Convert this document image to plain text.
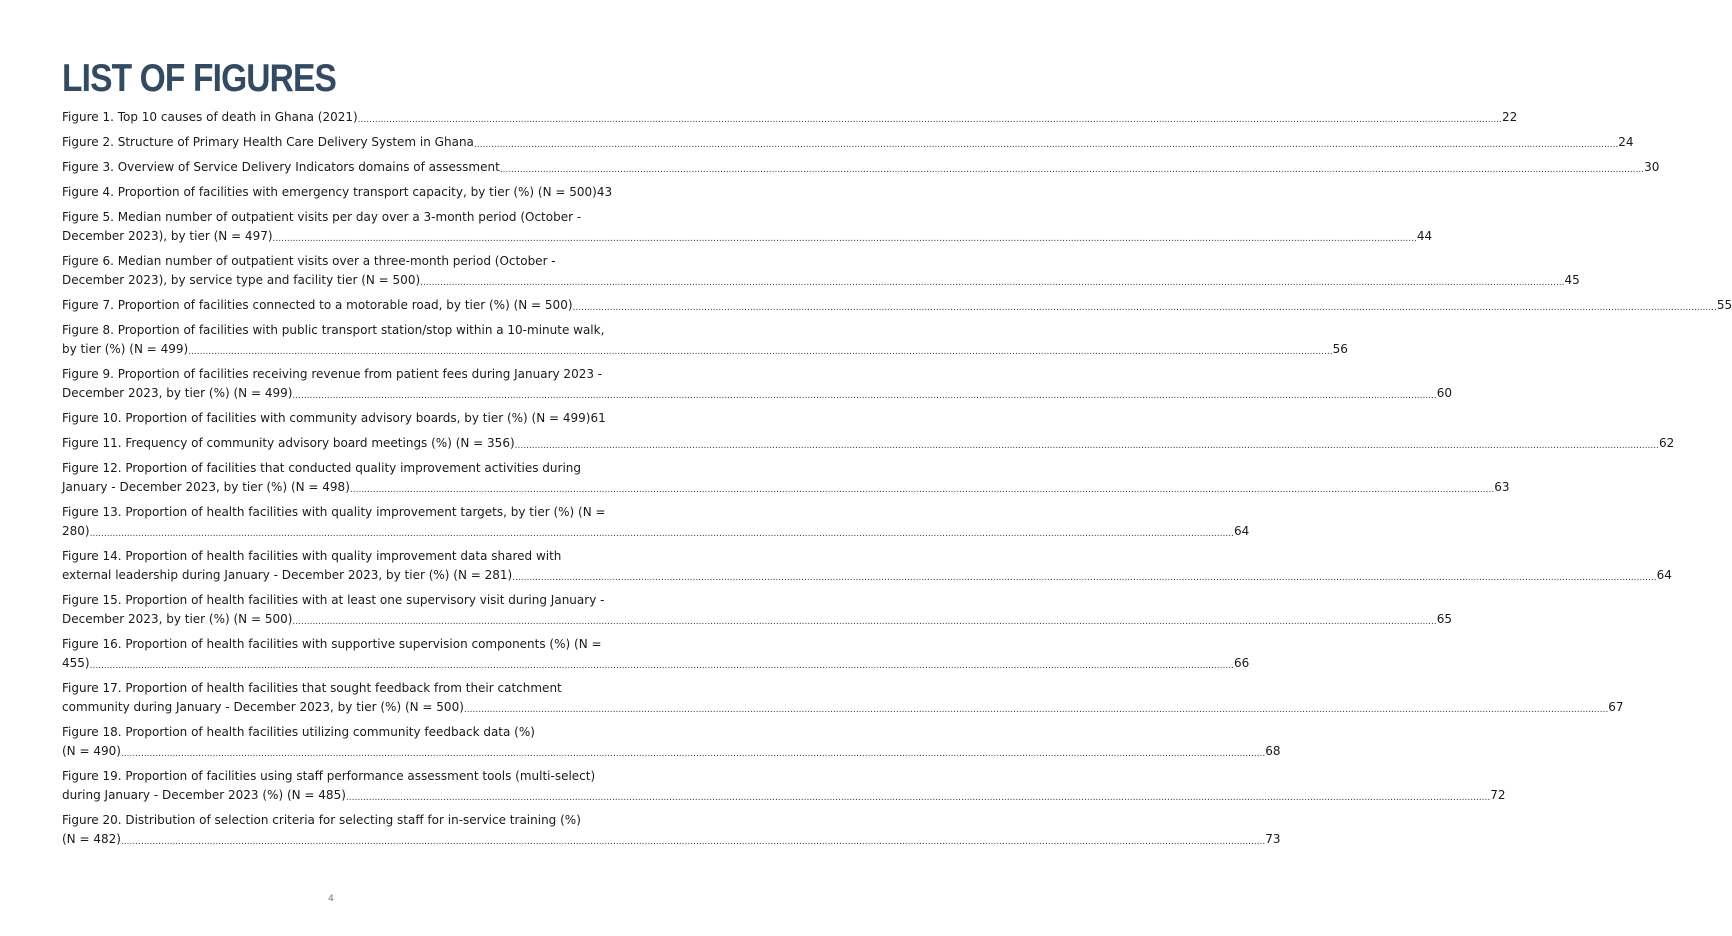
LIST OF FIGURES
Figure 1. Top 10 causes of death in Ghana (2021) ................................................................................................................................................................................................................................................................................................................................................................................................................ 22
Figure 2. Structure of Primary Health Care Delivery System in Ghana ................................................................................................................................................................................................................................................................................................................................................................................................................ 24
Figure 3. Overview of Service Delivery Indicators domains of assessment ................................................................................................................................................................................................................................................................................................................................................................................................................ 30
Figure 4. Proportion of facilities with emergency transport capacity, by tier (%) (N = 500) 43
Figure 5. Median number of outpatient visits per day over a 3-month period (October -
December 2023), by tier (N = 497) ................................................................................................................................................................................................................................................................................................................................................................................................................ 44
Figure 6. Median number of outpatient visits over a three-month period (October -
December 2023), by service type and facility tier (N = 500) ................................................................................................................................................................................................................................................................................................................................................................................................................ 45
Figure 7. Proportion of facilities connected to a motorable road, by tier (%) (N = 500) ................................................................................................................................................................................................................................................................................................................................................................................................................ 55
Figure 8. Proportion of facilities with public transport station/stop within a 10-minute walk,
by tier (%) (N = 499) ................................................................................................................................................................................................................................................................................................................................................................................................................ 56
Figure 9. Proportion of facilities receiving revenue from patient fees during January 2023 -
December 2023, by tier (%) (N = 499) ................................................................................................................................................................................................................................................................................................................................................................................................................ 60
Figure 10. Proportion of facilities with community advisory boards, by tier (%) (N = 499) 61
Figure 11. Frequency of community advisory board meetings (%) (N = 356) ................................................................................................................................................................................................................................................................................................................................................................................................................ 62
Figure 12. Proportion of facilities that conducted quality improvement activities during
January - December 2023, by tier (%) (N = 498) ................................................................................................................................................................................................................................................................................................................................................................................................................ 63
Figure 13. Proportion of health facilities with quality improvement targets, by tier (%) (N =
280) ................................................................................................................................................................................................................................................................................................................................................................................................................ 64
Figure 14. Proportion of health facilities with quality improvement data shared with
external leadership during January - December 2023, by tier (%) (N = 281) ................................................................................................................................................................................................................................................................................................................................................................................................................ 64
Figure 15. Proportion of health facilities with at least one supervisory visit during January -
December 2023, by tier (%) (N = 500) ................................................................................................................................................................................................................................................................................................................................................................................................................ 65
Figure 16. Proportion of health facilities with supportive supervision components (%) (N =
455) ................................................................................................................................................................................................................................................................................................................................................................................................................ 66
Figure 17. Proportion of health facilities that sought feedback from their catchment
community during January - December 2023, by tier (%) (N = 500) ................................................................................................................................................................................................................................................................................................................................................................................................................ 67
Figure 18. Proportion of health facilities utilizing community feedback data (%)
(N = 490) ................................................................................................................................................................................................................................................................................................................................................................................................................ 68
Figure 19. Proportion of facilities using staff performance assessment tools (multi-select)
during January - December 2023 (%) (N = 485) ................................................................................................................................................................................................................................................................................................................................................................................................................ 72
Figure 20. Distribution of selection criteria for selecting staff for in-service training (%)
(N = 482) ................................................................................................................................................................................................................................................................................................................................................................................................................ 73
4
